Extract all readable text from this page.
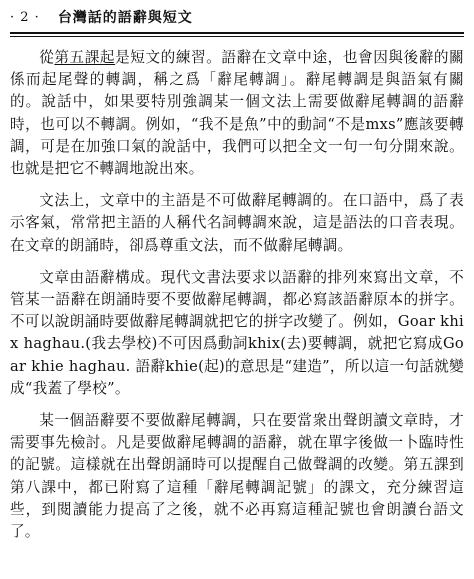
· 2 · 台灣話的語辭與短文

從第五課起是短文的練習。語辭在文章中途，也會因與後辭的關係而起尾聲的轉調，稱之爲「辭尾轉調」。辭尾轉調是與語氣有關的。說話中，如果要特別強調某一個文法上需要做辭尾轉調的語辭時，也可以不轉調。例如，“我不是魚”中的動詞“不是mxs”應該要轉調，可是在加強口氣的說話中，我們可以把全文一句一句分開來說。也就是把它不轉調地說出來。

文法上，文章中的主語是不可做辭尾轉調的。在口語中，爲了表示客氣，常常把主語的人稱代名詞轉調來說，這是語法的口音表現。在文章的朗誦時，卻爲尊重文法，而不做辭尾轉調。

文章由語辭構成。現代文書法要求以語辭的排列來寫出文章，不管某一語辭在朗誦時要不要做辭尾轉調，都必寫該語辭原本的拼字。不可以說朗誦時要做辭尾轉調就把它的拼字改變了。例如，Goar khix haghau.(我去學校)不可因爲動詞khix(去)要轉調，就把它寫成Goar khie haghau. 語辭khie(起)的意思是“建造”，所以這一句話就變成“我蓋了學校”。

某一個語辭要不要做辭尾轉調，只在要當衆出聲朗讀文章時，才需要事先檢討。凡是要做辭尾轉調的語辭，就在單字後做一卜臨時性的記號。這樣就在出聲朗誦時可以提醒自己做聲調的改變。第五課到第八課中，都已附寫了這種「辭尾轉調記號」的課文，充分練習這些，到閱讀能力提高了之後，就不必再寫這種記號也會朗讀台語文了。
